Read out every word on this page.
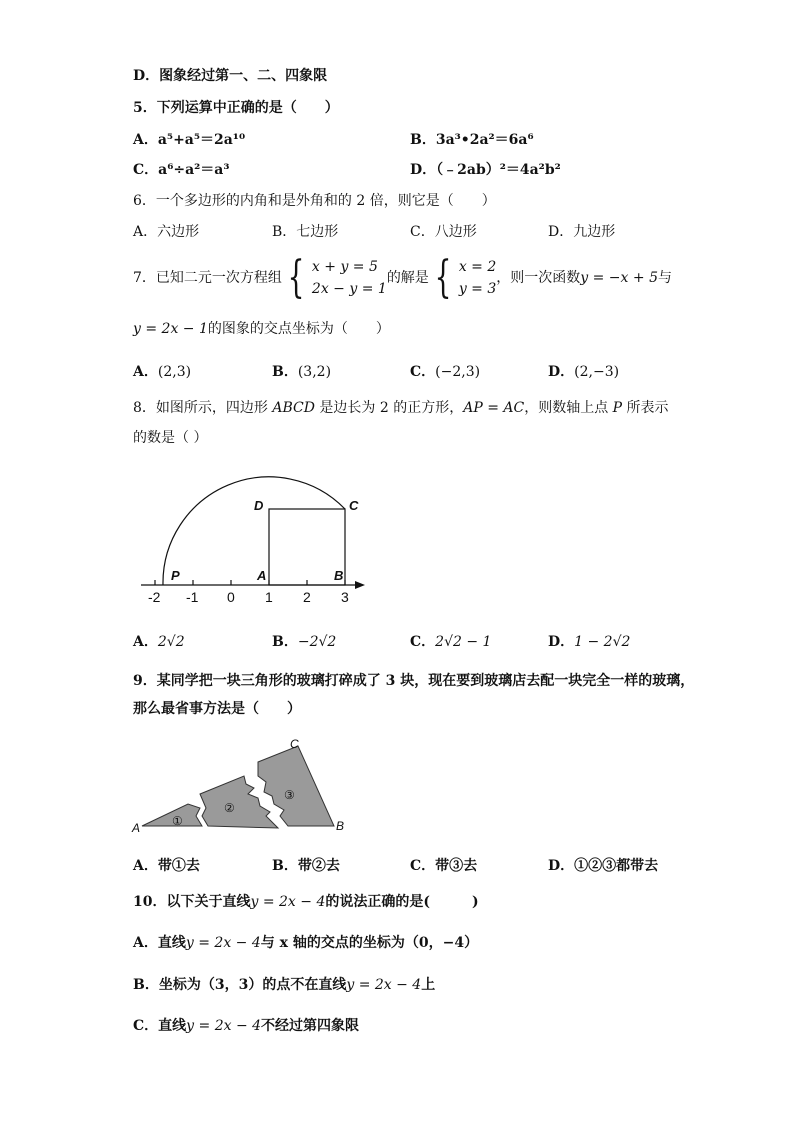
D．图象经过第一、二、四象限
5．下列运算中正确的是（　　）
A．a⁵+a⁵＝2a¹⁰	B．3a³•2a²＝6a⁶
C．a⁶÷a²＝a³	D．（﹣2ab）²＝4a²b²
6．一个多边形的内角和是外角和的 2 倍，则它是（　　）
A．六边形	B．七边形	C．八边形	D．九边形
7．已知二元一次方程组 { x + y = 5
2x − y = 1
的解是 { x = 2
y = 3
，则一次函数 y = −x + 5 与
y = 2x − 1的图象的交点坐标为（　　）
A．(2,3)	B．(3,2)	C．(−2,3)	D．(2,−3)
8．如图所示，四边形 ABCD 是边长为 2 的正方形，AP = AC，则数轴上点 P 所表示
的数是（ ）
-2 -1 0 1 2 3
D	C
P	A	B
A．2√2	B．−2√2	C．2√2 − 1	D．1 − 2√2
9．某同学把一块三角形的玻璃打碎成了 3 块，现在要到玻璃店去配一块完全一样的玻璃，
那么最省事方法是（　　）
①
②
③
A	B
C
A．带①去	B．带②去	C．带③去	D．①②③都带去
10．以下关于直线y = 2x − 4的说法正确的是(　　　)
A．直线y = 2x − 4与 x 轴的交点的坐标为（0，−4）
B．坐标为（3，3）的点不在直线y = 2x − 4上
C．直线y = 2x − 4不经过第四象限
